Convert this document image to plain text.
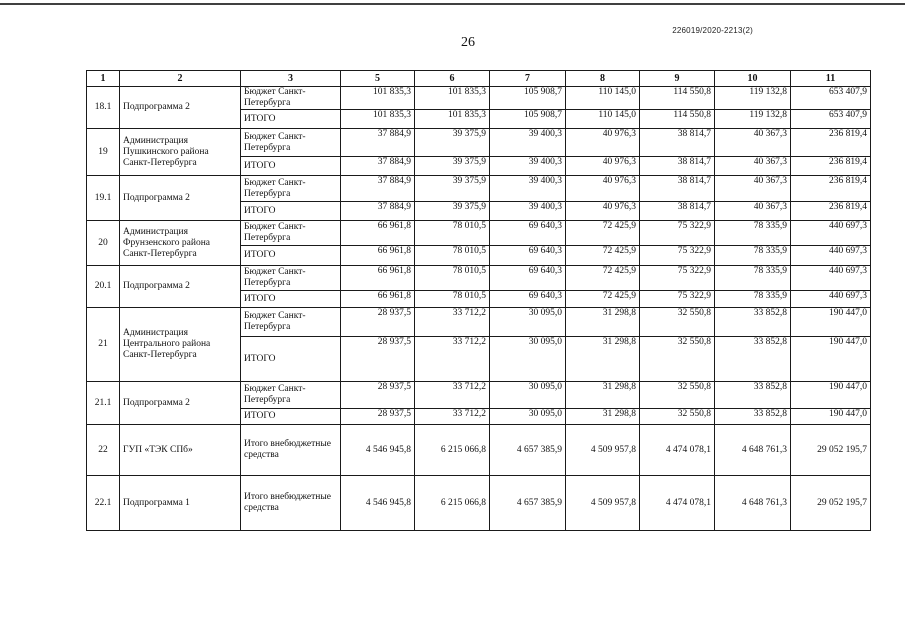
226019/2020-2213(2)
26
1	2	3	5	6	7	8	9	10	11
18.1	Подпрограмма 2	Бюджет Санкт-Петербурга	101 835,3	101 835,3	105 908,7	110 145,0	114 550,8	119 132,8	653 407,9
		ИТОГО	101 835,3	101 835,3	105 908,7	110 145,0	114 550,8	119 132,8	653 407,9
19	Администрация Пушкинского района Санкт-Петербурга	Бюджет Санкт-Петербурга	37 884,9	39 375,9	39 400,3	40 976,3	38 814,7	40 367,3	236 819,4
		ИТОГО	37 884,9	39 375,9	39 400,3	40 976,3	38 814,7	40 367,3	236 819,4
19.1	Подпрограмма 2	Бюджет Санкт-Петербурга	37 884,9	39 375,9	39 400,3	40 976,3	38 814,7	40 367,3	236 819,4
		ИТОГО	37 884,9	39 375,9	39 400,3	40 976,3	38 814,7	40 367,3	236 819,4
20	Администрация Фрунзенского района Санкт-Петербурга	Бюджет Санкт-Петербурга	66 961,8	78 010,5	69 640,3	72 425,9	75 322,9	78 335,9	440 697,3
		ИТОГО	66 961,8	78 010,5	69 640,3	72 425,9	75 322,9	78 335,9	440 697,3
20.1	Подпрограмма 2	Бюджет Санкт-Петербурга	66 961,8	78 010,5	69 640,3	72 425,9	75 322,9	78 335,9	440 697,3
		ИТОГО	66 961,8	78 010,5	69 640,3	72 425,9	75 322,9	78 335,9	440 697,3
21	Администрация Центрального района Санкт-Петербурга	Бюджет Санкт-Петербурга	28 937,5	33 712,2	30 095,0	31 298,8	32 550,8	33 852,8	190 447,0
		ИТОГО	28 937,5	33 712,2	30 095,0	31 298,8	32 550,8	33 852,8	190 447,0
21.1	Подпрограмма 2	Бюджет Санкт-Петербурга	28 937,5	33 712,2	30 095,0	31 298,8	32 550,8	33 852,8	190 447,0
		ИТОГО	28 937,5	33 712,2	30 095,0	31 298,8	32 550,8	33 852,8	190 447,0
22	ГУП «ТЭК СПб»	Итого внебюджетные средства	4 546 945,8	6 215 066,8	4 657 385,9	4 509 957,8	4 474 078,1	4 648 761,3	29 052 195,7
22.1	Подпрограмма 1	Итого внебюджетные средства	4 546 945,8	6 215 066,8	4 657 385,9	4 509 957,8	4 474 078,1	4 648 761,3	29 052 195,7
